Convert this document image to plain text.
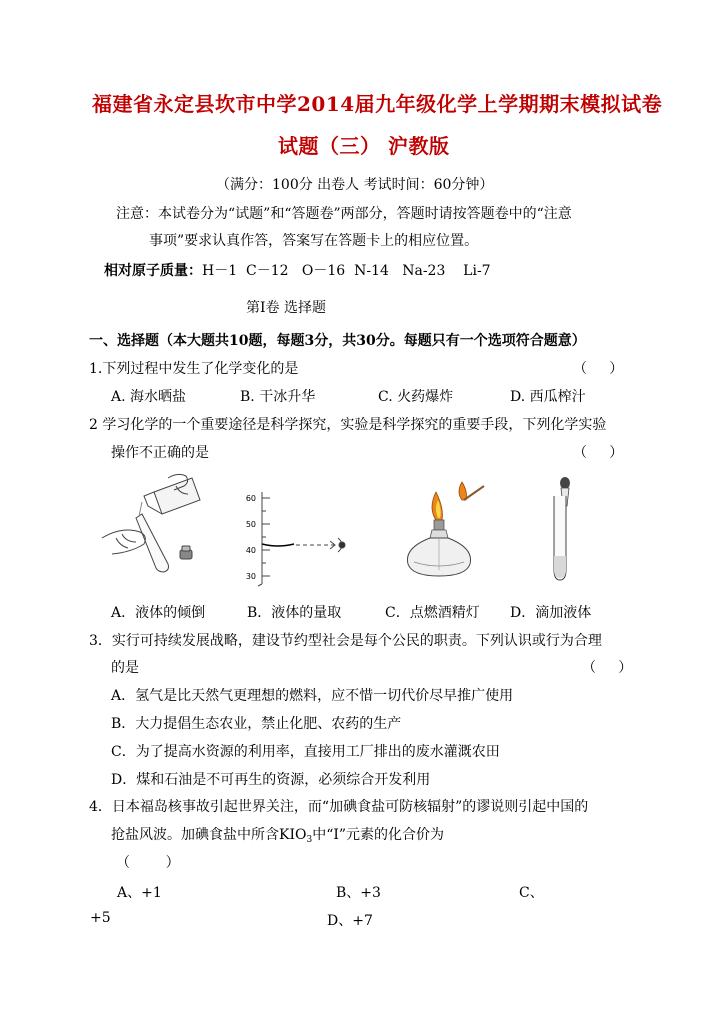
福建省永定县坎市中学2014届九年级化学上学期期末模拟试卷
试题（三） 沪教版
（满分：100分 出卷人 考试时间：60分钟）
注意：本试卷分为“试题”和“答题卷”两部分，答题时请按答题卷中的“注意
事项”要求认真作答，答案写在答题卡上的相应位置。
相对原子质量：H－1  C－12   O－16  N-14   Na-23    Li-7
第Ⅰ卷 选择题
一、选择题（本大题共10题，每题3分，共30分。每题只有一个选项符合题意）
1.下列过程中发生了化学变化的是	（     ）
A. 海水晒盐	B. 干冰升华	C. 火药爆炸	D. 西瓜榨汁
2 学习化学的一个重要途径是科学探究，实验是科学探究的重要手段，下列化学实验
操作不正确的是	（     ）
60
50
40
30
A．液体的倾倒	B．液体的量取	C．点燃酒精灯 D．滴加液体
3．实行可持续发展战略，建设节约型社会是每个公民的职责。下列认识或行为合理
的是	（     ）
A．氢气是比天然气更理想的燃料，应不惜一切代价尽早推广使用
B．大力提倡生态农业，禁止化肥、农药的生产
C．为了提高水资源的利用率，直接用工厂排出的废水灌溉农田
D．煤和石油是不可再生的资源，必须综合开发利用
4．日本福岛核事故引起世界关注，而“加碘食盐可防核辐射”的谬说则引起中国的
抢盐风波。加碘食盐中所含$KIO_3$中“I”元素的化合价为
（        ）
A、+1	B、+3	C、
+5	D、+7
